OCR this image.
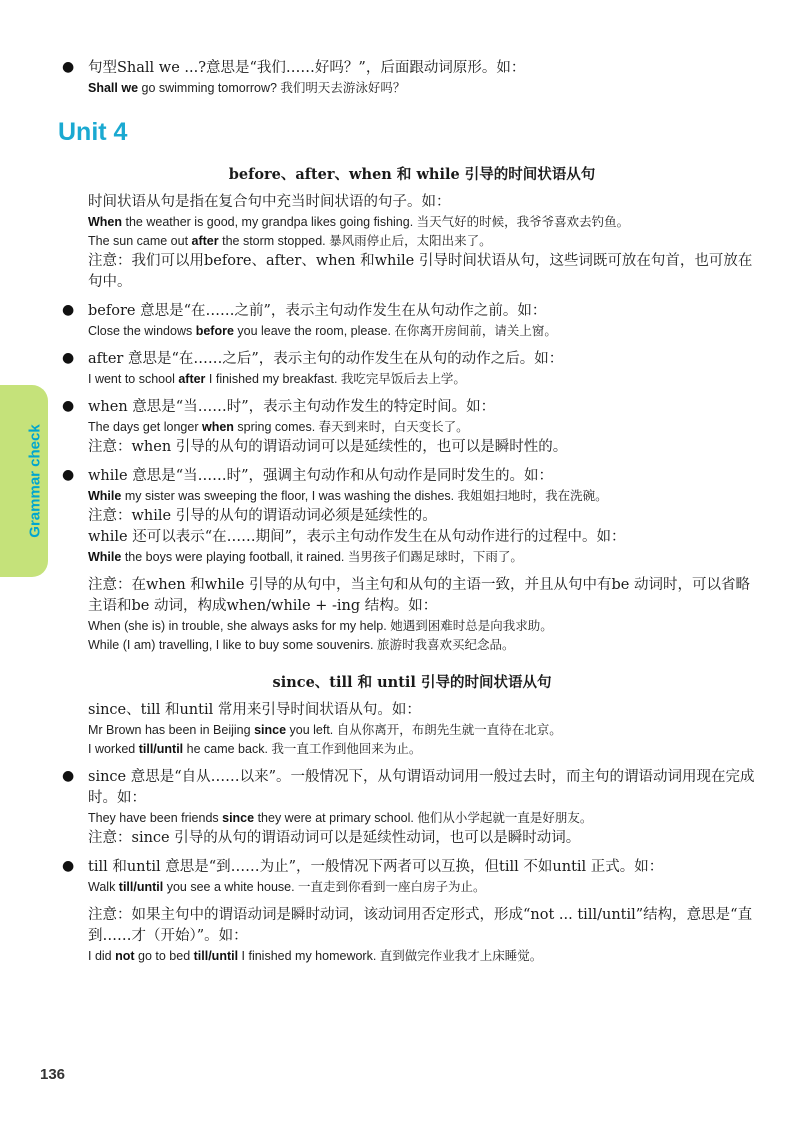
Grammar check
● 句型Shall we ...?意思是“我们……好吗？”，后面跟动词原形。如：
Shall we go swimming tomorrow? 我们明天去游泳好吗？
Unit 4
before、after、when 和 while 引导的时间状语从句
时间状语从句是指在复合句中充当时间状语的句子。如：
When the weather is good, my grandpa likes going fishing. 当天气好的时候，我爷爷喜欢去钓鱼。
The sun came out after the storm stopped. 暴风雨停止后，太阳出来了。
注意：我们可以用before、after、when 和while 引导时间状语从句，这些词既可放在句首，也可放在句中。
● before 意思是“在……之前”，表示主句动作发生在从句动作之前。如：
Close the windows before you leave the room, please. 在你离开房间前，请关上窗。
● after 意思是“在……之后”，表示主句的动作发生在从句的动作之后。如：
I went to school after I finished my breakfast. 我吃完早饭后去上学。
● when 意思是“当……时”，表示主句动作发生的特定时间。如：
The days get longer when spring comes. 春天到来时，白天变长了。
注意：when 引导的从句的谓语动词可以是延续性的，也可以是瞬时性的。
● while 意思是“当……时”，强调主句动作和从句动作是同时发生的。如：
While my sister was sweeping the floor, I was washing the dishes. 我姐姐扫地时，我在洗碗。
注意：while 引导的从句的谓语动词必须是延续性的。
while 还可以表示“在……期间”，表示主句动作发生在从句动作进行的过程中。如：
While the boys were playing football, it rained. 当男孩子们踢足球时，下雨了。
注意：在when 和while 引导的从句中，当主句和从句的主语一致，并且从句中有be 动词时，可以省略主语和be 动词，构成when/while + -ing 结构。如：
When (she is) in trouble, she always asks for my help. 她遇到困难时总是向我求助。
While (I am) travelling, I like to buy some souvenirs. 旅游时我喜欢买纪念品。
since、till 和 until 引导的时间状语从句
since、till 和until 常用来引导时间状语从句。如：
Mr Brown has been in Beijing since you left. 自从你离开，布朗先生就一直待在北京。
I worked till/until he came back. 我一直工作到他回来为止。
● since 意思是“自从……以来”。一般情况下，从句谓语动词用一般过去时，而主句的谓语动词用现在完成时。如：
They have been friends since they were at primary school. 他们从小学起就一直是好朋友。
注意：since 引导的从句的谓语动词可以是延续性动词，也可以是瞬时动词。
● till 和until 意思是“到……为止”，一般情况下两者可以互换，但till 不如until 正式。如：
Walk till/until you see a white house. 一直走到你看到一座白房子为止。
注意：如果主句中的谓语动词是瞬时动词，该动词用否定形式，形成“not ... till/until”结构，意思是“直到……才（开始）”。如：
I did not go to bed till/until I finished my homework. 直到做完作业我才上床睡觉。
136
